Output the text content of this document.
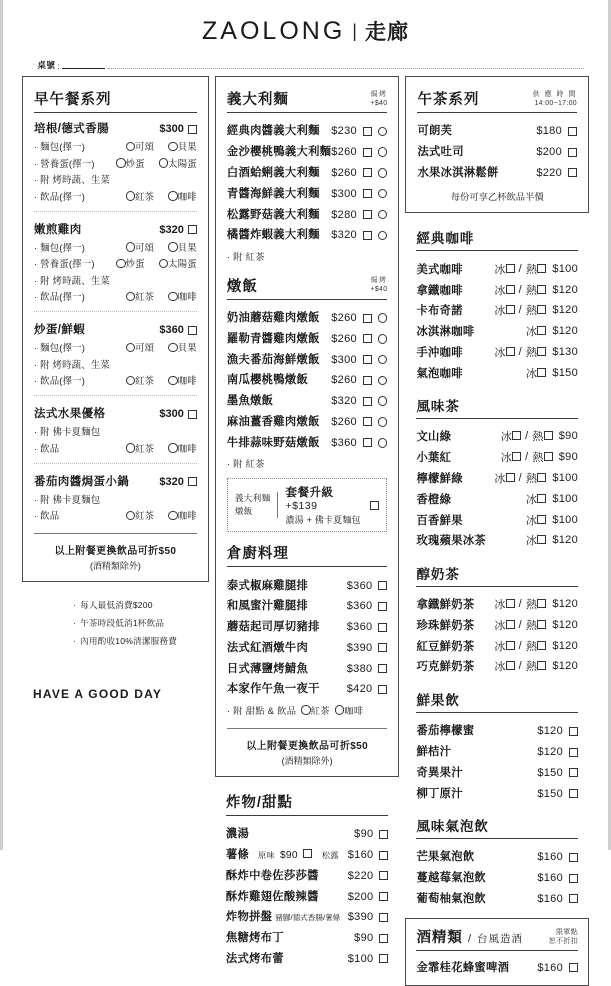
ZAOLONG | 走廊
· 桌號 :
早午餐系列
培根/德式香腸	$300
· 麵包(擇一)	可頌	貝果
· 營養蛋(擇一)	炒蛋	太陽蛋
· 附 烤時蔬、生菜
· 飲品(擇一)	紅茶	咖啡
嫩煎雞肉	$320
· 麵包(擇一)	可頌	貝果
· 營養蛋(擇一)	炒蛋	太陽蛋
· 附 烤時蔬、生菜
· 飲品(擇一)	紅茶	咖啡
炒蛋/鮮蝦	$360
· 麵包(擇一)	可頌	貝果
· 附 烤時蔬、生菜
· 飲品(擇一)	紅茶	咖啡
法式水果優格	$300
· 附 佛卡夏麵包
· 飲品	紅茶	咖啡
番茄肉醬焗蛋小鍋	$320
· 附 佛卡夏麵包
· 飲品	紅茶	咖啡
以上附餐更換飲品可折$50
(酒精類除外)
· 每人最低消費$200
· 午茶時段低消1杯飲品
· 內用酌收10%清潔服務費
HAVE A GOOD DAY
義大利麵	焗烤
+$40
經典肉醬義大利麵 $230
金沙櫻桃鴨義大利麵 $260
白酒蛤蜊義大利麵 $260
青醬海鮮義大利麵 $300
松露野菇義大利麵 $280
橘醬炸蝦義大利麵 $320
· 附 紅茶
燉飯	焗烤
+$40
奶油蘑菇雞肉燉飯 $260
羅勒青醬雞肉燉飯 $260
漁夫番茄海鮮燉飯 $300
南瓜櫻桃鴨燉飯 $260
墨魚燉飯	$320
麻油薑香雞肉燉飯 $260
牛排蒜味野菇燉飯 $360
· 附 紅茶
義大利麵
燉飯
套餐升級 +$139
濃湯 + 佛卡夏麵包
倉廚料理
泰式椒麻雞腿排	$360
和風蜜汁雞腿排	$360
蘑菇起司厚切豬排 $360
法式紅酒燉牛肉	$390
日式薄鹽烤鯖魚	$380
本家作午魚一夜干 $420
· 附 甜點 & 飲品 紅茶 咖啡
以上附餐更換飲品可折$50
(酒精類除外)
炸物/甜點
濃湯	$90
薯條 原味 $90	松露 $160
酥炸中卷佐莎莎醬	$220
酥炸雞翅佐酸辣醬	$200
炸物拼盤 豬腳/德式香腸/薯條 $390
焦糖烤布丁	$90
法式烤布蕾	$100
午茶系列	供 應 時 間
14:00~17:00
可朗芙	$180
法式吐司	$200
水果冰淇淋鬆餅	$220
每份可享乙杯飲品半價
經典咖啡
美式咖啡	冰	/ 熱	$100
拿鐵咖啡	冰	/ 熱	$120
卡布奇諾	冰	/ 熱	$120
冰淇淋咖啡	冰	$120
手沖咖啡	冰	/ 熱	$130
氣泡咖啡	冰	$150
風味茶
文山綠	冰	/ 熱	$90
小葉紅	冰	/ 熱	$90
檸檬鮮綠	冰	/ 熱	$100
香橙綠	冰	$100
百香鮮果	冰	$100
玫瑰蘋果冰茶	冰	$120
醇奶茶
拿鐵鮮奶茶 冰	/ 熱	$120
珍珠鮮奶茶 冰	/ 熱	$120
紅豆鮮奶茶 冰	/ 熱	$120
巧克鮮奶茶 冰	/ 熱	$120
鮮果飲
番茄檸檬蜜	$120
鮮桔汁	$120
奇異果汁	$150
柳丁原汁	$150
風味氣泡飲
芒果氣泡飲	$160
蔓越莓氣泡飲	$160
葡萄柚氣泡飲	$160
酒精類 / 台風造酒
限單點
恕不折扣
金霏桂花蜂蜜啤酒	$160
